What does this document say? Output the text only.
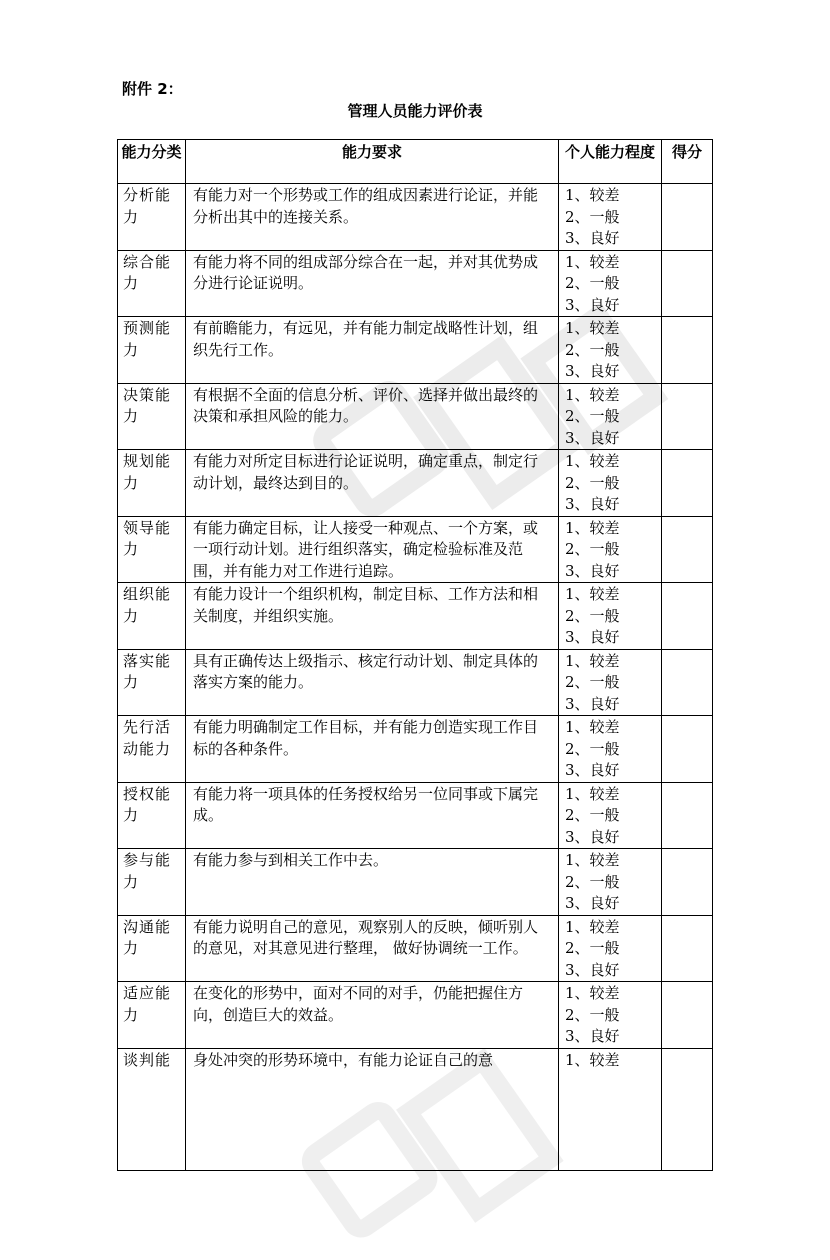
附件 2：
管理人员能力评价表
能力分类	能力要求	个人能力程度	得分
分析能力	有能力对一个形势或工作的组成因素进行论证，并能分析出其中的连接关系。	1、较差
2、一般
3、良好	

综合能力	有能力将不同的组成部分综合在一起，并对其优势成分进行论证说明。	1、较差
2、一般
3、良好	

预测能力	有前瞻能力，有远见，并有能力制定战略性计划，组织先行工作。	1、较差
2、一般
3、良好	

决策能力	有根据不全面的信息分析、评价、选择并做出最终的决策和承担风险的能力。	1、较差
2、一般
3、良好	

规划能力	有能力对所定目标进行论证说明，确定重点，制定行动计划，最终达到目的。	1、较差
2、一般
3、良好	

领导能力	有能力确定目标，让人接受一种观点、一个方案，或一项行动计划。进行组织落实，确定检验标准及范围，并有能力对工作进行追踪。	1、较差
2、一般
3、良好	

组织能力	有能力设计一个组织机构，制定目标、工作方法和相关制度，并组织实施。	1、较差
2、一般
3、良好	

落实能力	具有正确传达上级指示、核定行动计划、制定具体的落实方案的能力。	1、较差
2、一般
3、良好	

先行活动能力	有能力明确制定工作目标，并有能力创造实现工作目标的各种条件。	1、较差
2、一般
3、良好	

授权能力	有能力将一项具体的任务授权给另一位同事或下属完成。	1、较差
2、一般
3、良好	

参与能力	有能力参与到相关工作中去。	1、较差
2、一般
3、良好	

沟通能力	有能力说明自己的意见，观察别人的反映，倾听别人的意见，对其意见进行整理， 做好协调统一工作。	1、较差
2、一般
3、良好	

适应能力	在变化的形势中，面对不同的对手，仍能把握住方向，创造巨大的效益。	1、较差
2、一般
3、良好	

谈判能	身处冲突的形势环境中，有能力论证自己的意	1、较差	
